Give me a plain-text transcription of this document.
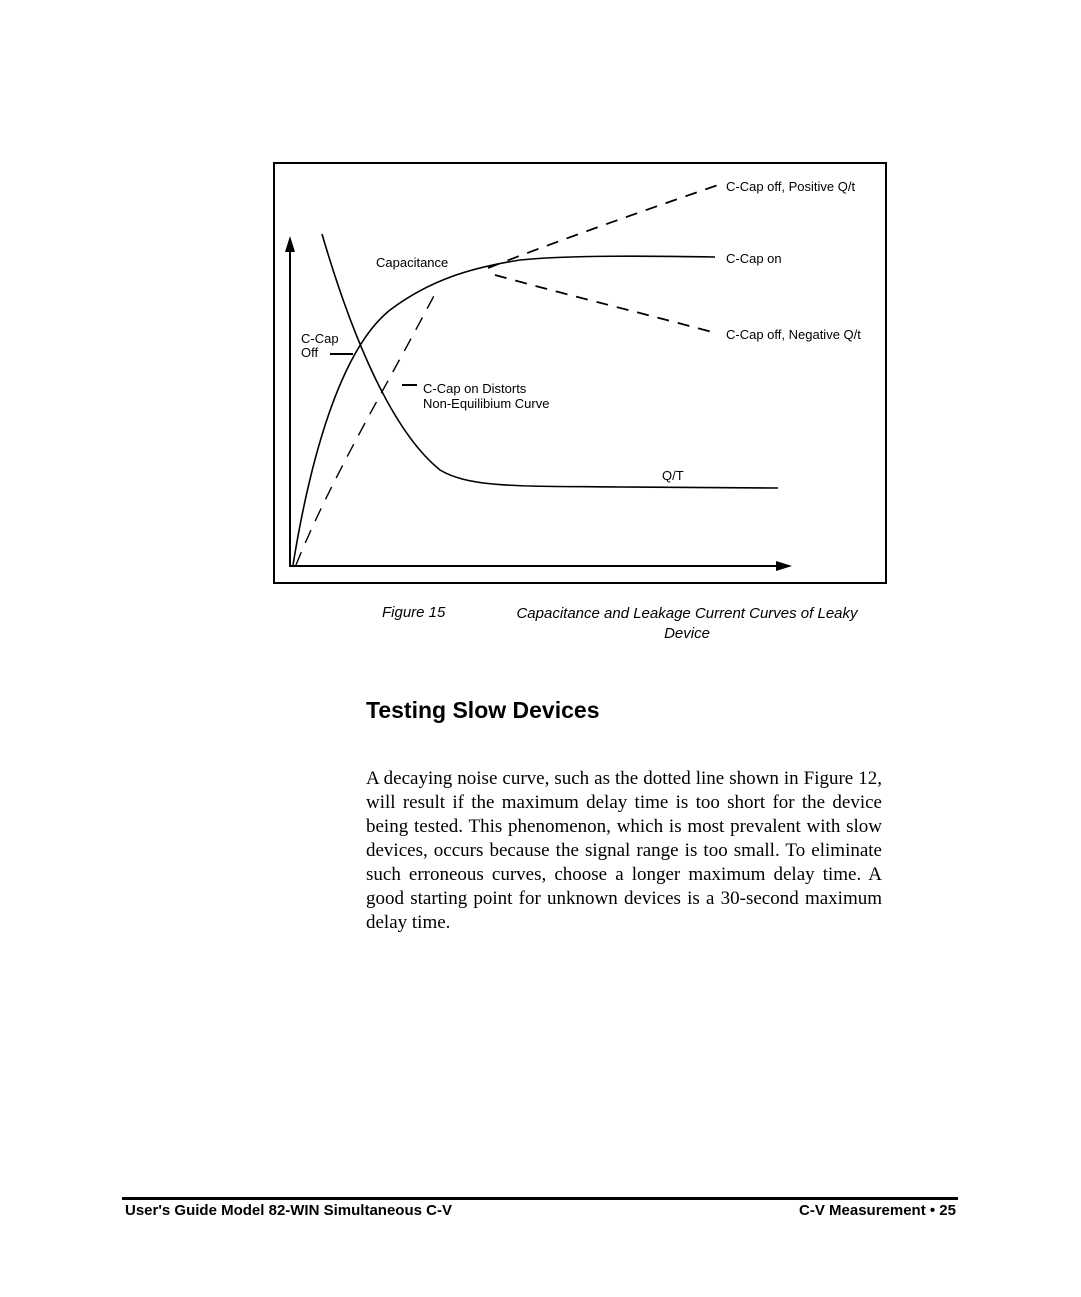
C-Cap off, Positive Q/t
C-Cap on
C-Cap off, Negative Q/t
Capacitance
C-Cap
Off
C-Cap on Distorts
Non-Equilibium Curve
Q/T
Figure 15	Capacitance and Leakage Current Curves of Leaky Device
Testing Slow Devices
A decaying noise curve, such as the dotted line shown in Figure 12, will result if the maximum delay time is too short for the device being tested. This phenomenon, which is most prevalent with slow devices, occurs because the signal range is too small. To eliminate such erroneous curves, choose a longer maximum delay time. A good starting point for unknown devices is a 30-second maximum delay time.
User's Guide Model 82-WIN Simultaneous C-V	C-V Measurement • 25
